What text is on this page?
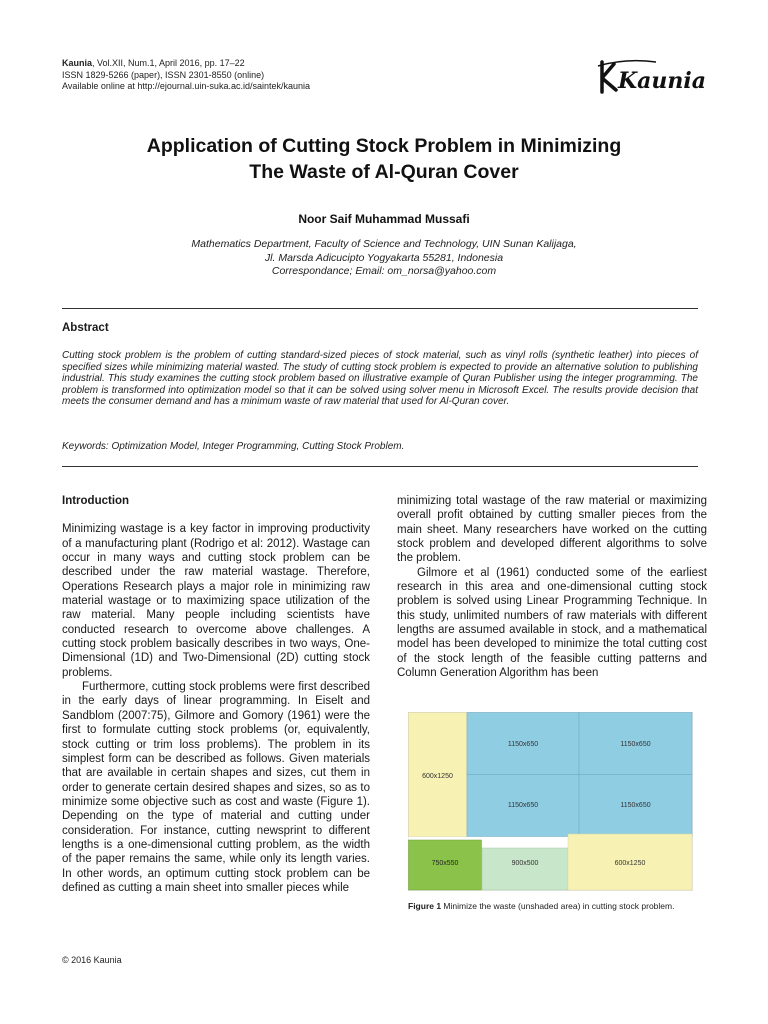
Kaunia, Vol.XII, Num.1, April 2016, pp. 17–22
ISSN 1829-5266 (paper), ISSN 2301-8550 (online)
Available online at http://ejournal.uin-suka.ac.id/saintek/kaunia	Kaunia
Application of Cutting Stock Problem in Minimizing
The Waste of Al-Quran Cover
Noor Saif Muhammad Mussafi
Mathematics Department, Faculty of Science and Technology, UIN Sunan Kalijaga,
Jl. Marsda Adicucipto Yogyakarta 55281, Indonesia
Correspondance; Email: om_norsa@yahoo.com
Abstract
Cutting stock problem is the problem of cutting standard-sized pieces of stock material, such as vinyl rolls (synthetic leather) into pieces of specified sizes while minimizing material wasted. The study of cutting stock problem is expected to provide an alternative solution to publishing industrial. This study examines the cutting stock problem based on illustrative example of Quran Publisher using the integer programming. The problem is transformed into optimization model so that it can be solved using solver menu in Microsoft Excel. The results provide decision that meets the consumer demand and has a minimum waste of raw material that used for Al-Quran cover.
Keywords: Optimization Model, Integer Programming, Cutting Stock Problem.
Introduction

Minimizing wastage is a key factor in improving productivity of a manufacturing plant (Rodrigo et al: 2012). Wastage can occur in many ways and cutting stock problem can be described under the raw material wastage. Therefore, Operations Research plays a major role in minimizing raw material wastage or to maximizing space utilization of the raw material. Many people including scientists have conducted research to overcome above challenges. A cutting stock problem basically describes in two ways, One-Dimensional (1D) and Two-Dimensional (2D) cutting stock problems.

Furthermore, cutting stock problems were first described in the early days of linear programming. In Eiselt and Sandblom (2007:75), Gilmore and Gomory (1961) were the first to formulate cutting stock problems (or, equivalently, stock cutting or trim loss problems). The problem in its simplest form can be described as follows. Given materials that are available in certain shapes and sizes, cut them in order to generate certain desired shapes and sizes, so as to minimize some objective such as cost and waste (Figure 1). Depending on the type of material and cutting under consideration. For instance, cutting newsprint to different lengths is a one-dimensional cutting problem, as the width of the paper remains the same, while only its length varies. In other words, an optimum cutting stock problem can be defined as cutting a main sheet into smaller pieces while

minimizing total wastage of the raw material or maximizing overall profit obtained by cutting smaller pieces from the main sheet. Many researchers have worked on the cutting stock problem and developed different algorithms to solve the problem.

Gilmore et al (1961) conducted some of the earliest research in this area and one-dimensional cutting stock problem is solved using Linear Programming Technique. In this study, unlimited numbers of raw materials with different lengths are assumed available in stock, and a mathematical model has been developed to minimize the total cutting cost of the stock length of the feasible cutting patterns and Column Generation Algorithm has been

600x1250
1150x650	1150x650
1150x650	1150x650
750x550	900x500	600x1250
Figure 1 Minimize the waste (unshaded area) in cutting stock problem.
© 2016 Kaunia
